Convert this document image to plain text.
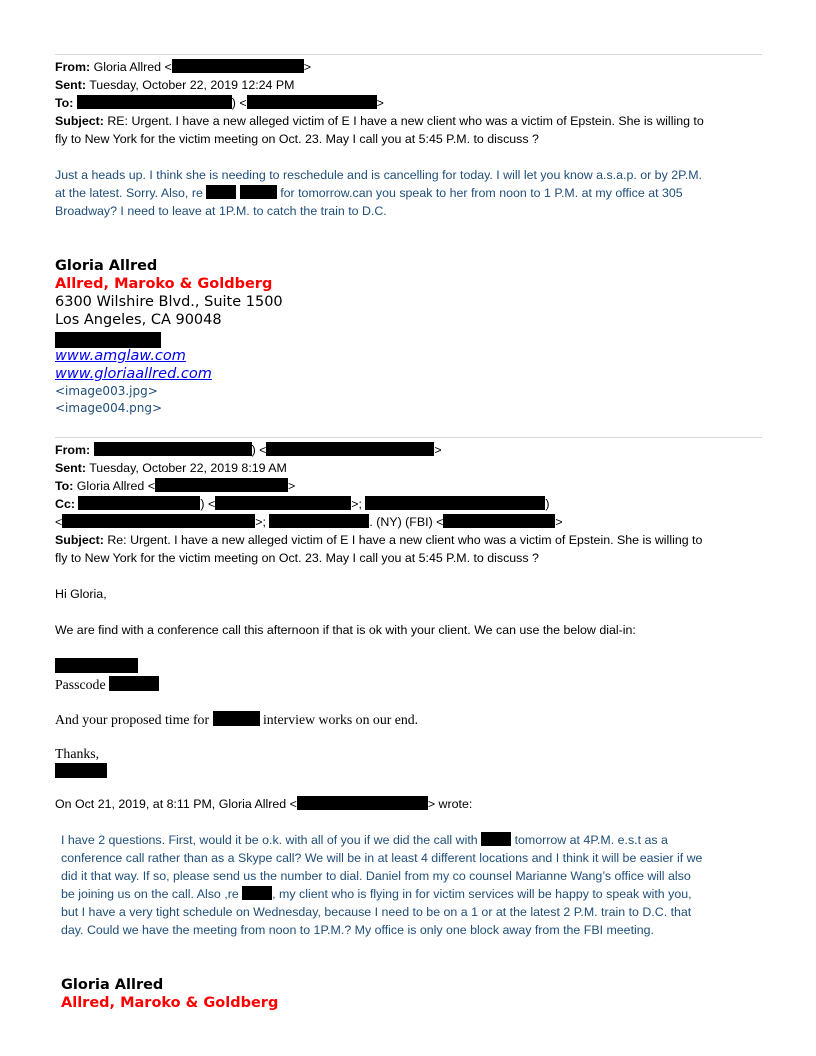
From: Gloria Allred <	>
Sent: Tuesday, October 22, 2019 12:24 PM
To:	) <	>
Subject: RE: Urgent. I have a new alleged victim of E I have a new client who was a victim of Epstein. She is willing to
fly to New York for the victim meeting on Oct. 23. May I call you at 5:45 P.M. to discuss ?
Just a heads up. I think she is needing to reschedule and is cancelling for today. I will let you know a.s.a.p. or by 2P.M.
at the latest. Sorry. Also, re	for tomorrow.can you speak to her from noon to 1 P.M. at my office at 305
Broadway? I need to leave at 1P.M. to catch the train to D.C.
Gloria Allred
Allred, Maroko & Goldberg
6300 Wilshire Blvd., Suite 1500
Los Angeles, CA 90048
www.amglaw.com
www.gloriaallred.com
<image003.jpg>
<image004.png>
From:	) <	>
Sent: Tuesday, October 22, 2019 8:19 AM
To: Gloria Allred <	>
Cc:	) <	>;	)
<	>;	. (NY) (FBI) <	>
Subject: Re: Urgent. I have a new alleged victim of E I have a new client who was a victim of Epstein. She is willing to
fly to New York for the victim meeting on Oct. 23. May I call you at 5:45 P.M. to discuss ?
Hi Gloria,
We are find with a conference call this afternoon if that is ok with your client. We can use the below dial-in:
Passcode
And your proposed time for	interview works on our end.
Thanks,
On Oct 21, 2019, at 8:11 PM, Gloria Allred <	> wrote:
I have 2 questions. First, would it be o.k. with all of you if we did the call with	tomorrow at 4P.M. e.s.t as a
conference call rather than as a Skype call? We will be in at least 4 different locations and I think it will be easier if we
did it that way. If so, please send us the number to dial. Daniel from my co counsel Marianne Wang’s office will also
be joining us on the call. Also ,re	, my client who is flying in for victim services will be happy to speak with you,
but I have a very tight schedule on Wednesday, because I need to be on a 1 or at the latest 2 P.M. train to D.C. that
day. Could we have the meeting from noon to 1P.M.? My office is only one block away from the FBI meeting.
Gloria Allred
Allred, Maroko & Goldberg
